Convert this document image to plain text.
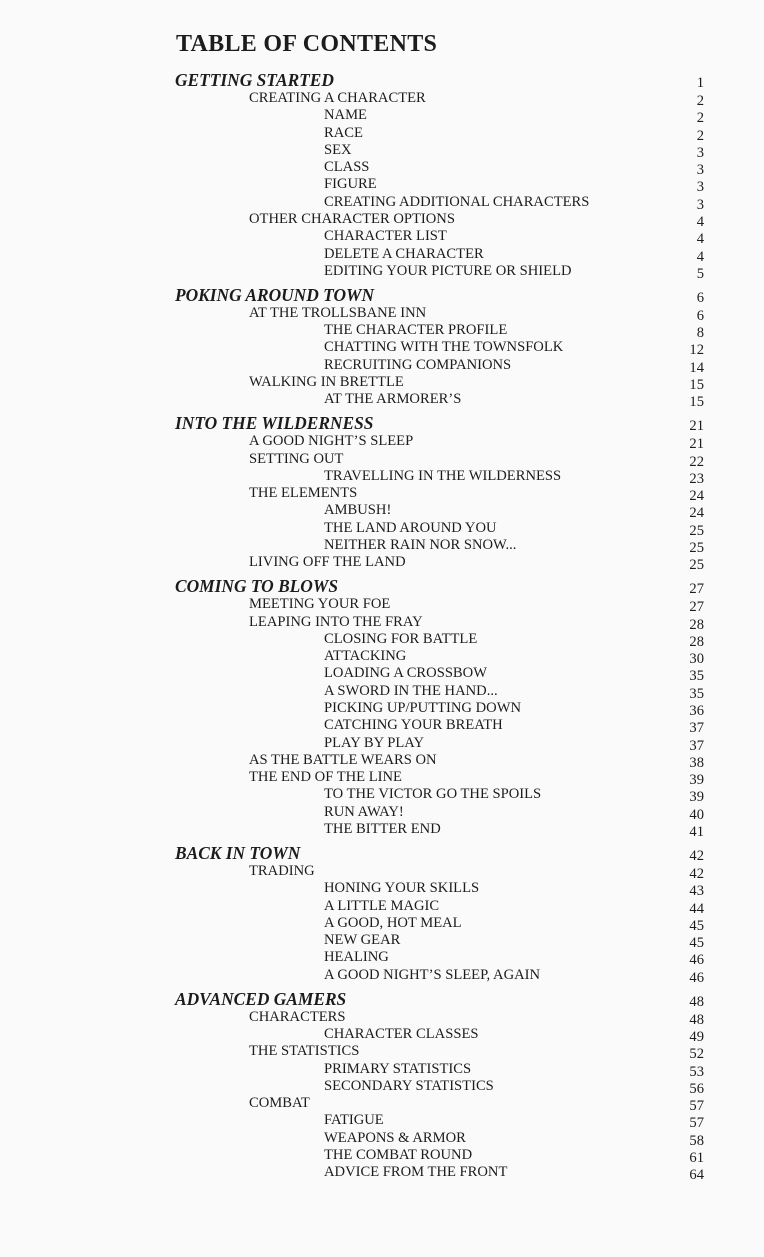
TABLE OF CONTENTS
GETTING STARTED	1
CREATING A CHARACTER	2
NAME	2
RACE	2
SEX	3
CLASS	3
FIGURE	3
CREATING ADDITIONAL CHARACTERS	3
OTHER CHARACTER OPTIONS	4
CHARACTER LIST	4
DELETE A CHARACTER	4
EDITING YOUR PICTURE OR SHIELD	5
POKING AROUND TOWN	6
AT THE TROLLSBANE INN	6
THE CHARACTER PROFILE	8
CHATTING WITH THE TOWNSFOLK	12
RECRUITING COMPANIONS	14
WALKING IN BRETTLE	15
AT THE ARMORER’S	15
INTO THE WILDERNESS	21
A GOOD NIGHT’S SLEEP	21
SETTING OUT	22
TRAVELLING IN THE WILDERNESS	23
THE ELEMENTS	24
AMBUSH!	24
THE LAND AROUND YOU	25
NEITHER RAIN NOR SNOW...	25
LIVING OFF THE LAND	25
COMING TO BLOWS	27
MEETING YOUR FOE	27
LEAPING INTO THE FRAY	28
CLOSING FOR BATTLE	28
ATTACKING	30
LOADING A CROSSBOW	35
A SWORD IN THE HAND...	35
PICKING UP/PUTTING DOWN	36
CATCHING YOUR BREATH	37
PLAY BY PLAY	37
AS THE BATTLE WEARS ON	38
THE END OF THE LINE	39
TO THE VICTOR GO THE SPOILS	39
RUN AWAY!	40
THE BITTER END	41
BACK IN TOWN	42
TRADING	42
HONING YOUR SKILLS	43
A LITTLE MAGIC	44
A GOOD, HOT MEAL	45
NEW GEAR	45
HEALING	46
A GOOD NIGHT’S SLEEP, AGAIN	46
ADVANCED GAMERS	48
CHARACTERS	48
CHARACTER CLASSES	49
THE STATISTICS	52
PRIMARY STATISTICS	53
SECONDARY STATISTICS	56
COMBAT	57
FATIGUE	57
WEAPONS & ARMOR	58
THE COMBAT ROUND	61
ADVICE FROM THE FRONT	64
